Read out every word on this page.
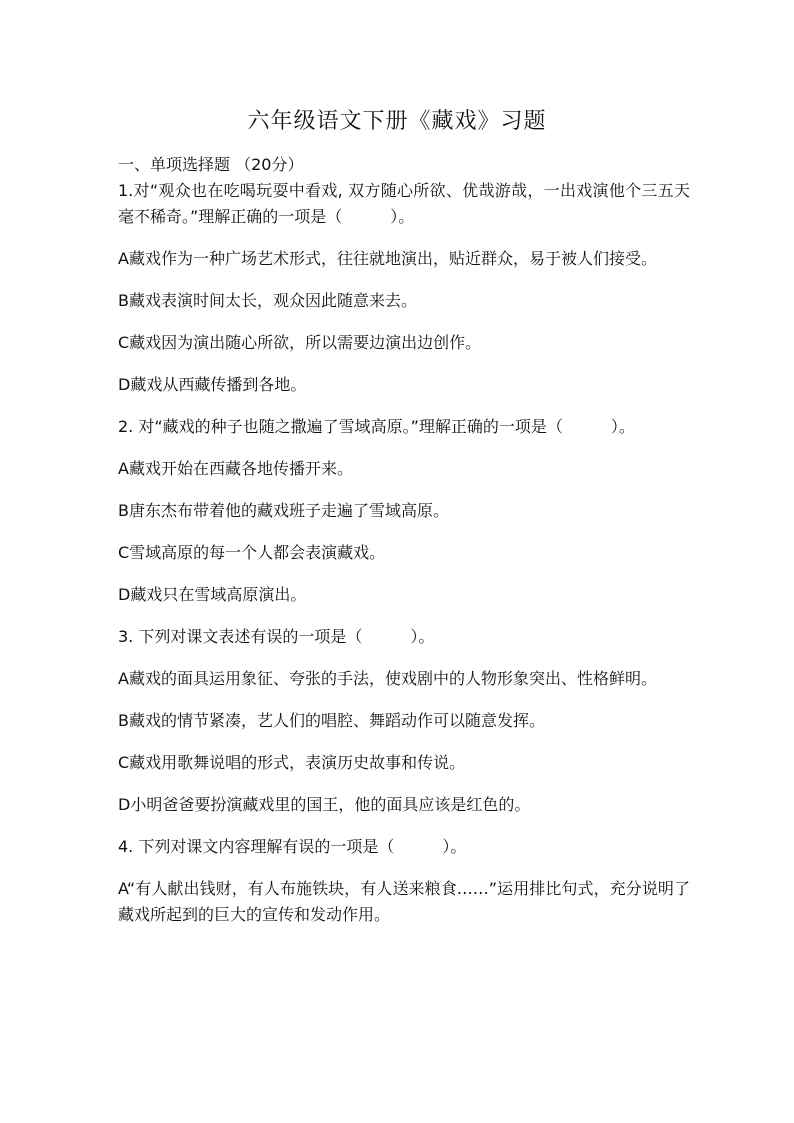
六年级语文下册《藏戏》习题
一、单项选择题 （20分）
1.对“观众也在吃喝玩耍中看戏, 双方随心所欲、优哉游哉，一出戏演他个三五天毫不稀奇。”理解正确的一项是（　　　）。
A藏戏作为一种广场艺术形式，往往就地演出，贴近群众，易于被人们接受。
B藏戏表演时间太长，观众因此随意来去。
C藏戏因为演出随心所欲，所以需要边演出边创作。
D藏戏从西藏传播到各地。
2. 对“藏戏的种子也随之撒遍了雪域高原。”理解正确的一项是（　　　）。
A藏戏开始在西藏各地传播开来。
B唐东杰布带着他的藏戏班子走遍了雪域高原。
C雪域高原的每一个人都会表演藏戏。
D藏戏只在雪域高原演出。
3. 下列对课文表述有误的一项是（　　　）。
A藏戏的面具运用象征、夸张的手法，使戏剧中的人物形象突出、性格鲜明。
B藏戏的情节紧凑，艺人们的唱腔、舞蹈动作可以随意发挥。
C藏戏用歌舞说唱的形式，表演历史故事和传说。
D小明爸爸要扮演藏戏里的国王，他的面具应该是红色的。
4. 下列对课文内容理解有误的一项是（　　　）。
A“有人献出钱财，有人布施铁块，有人送来粮食……”运用排比句式，充分说明了藏戏所起到的巨大的宣传和发动作用。
